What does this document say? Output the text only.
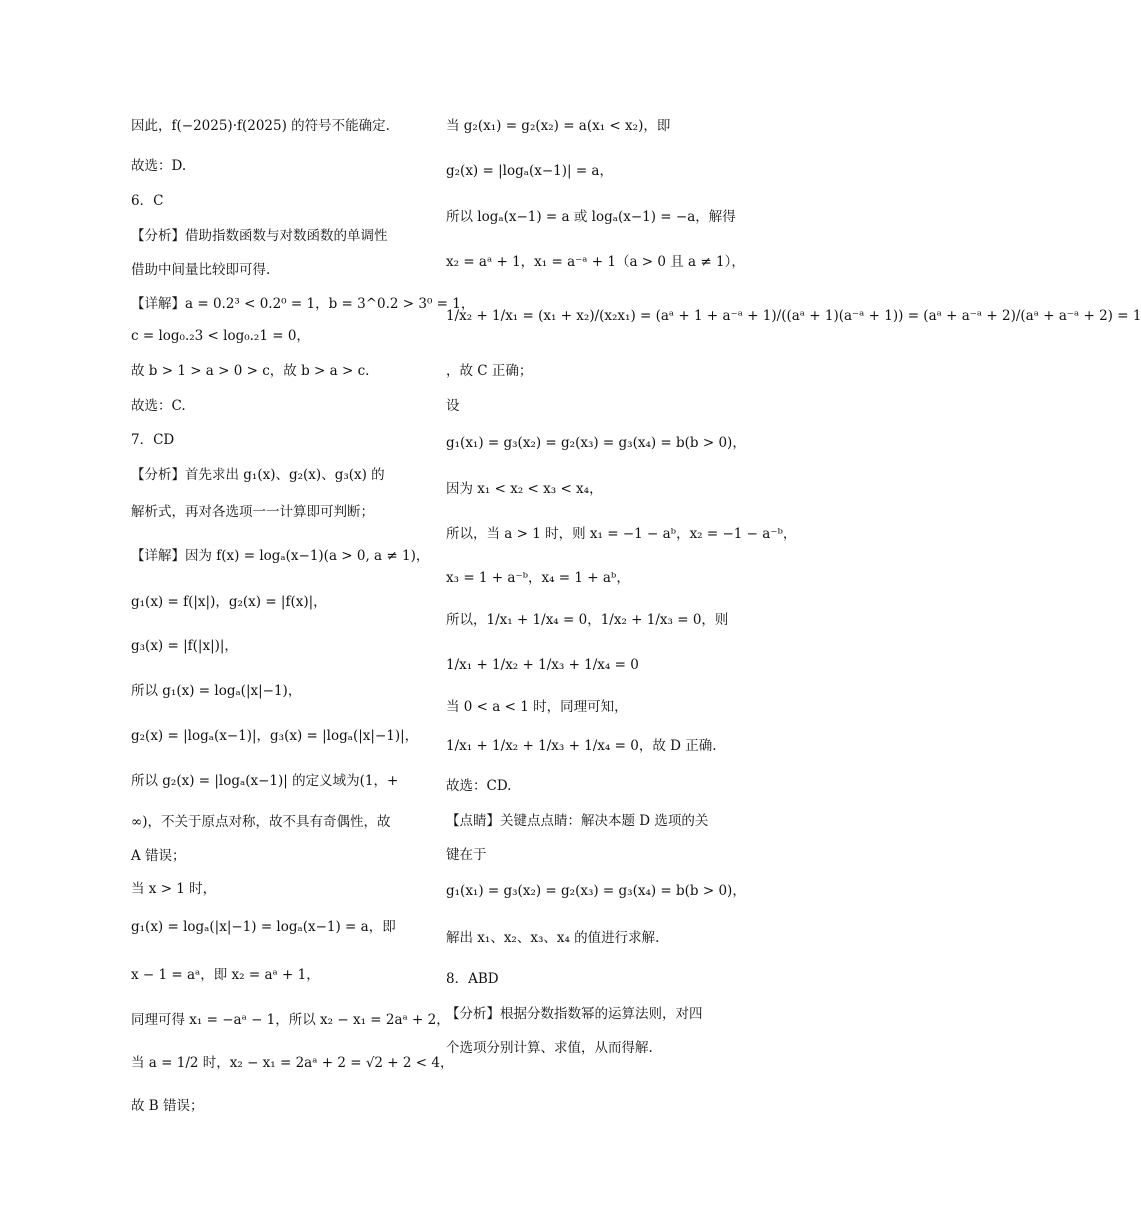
因此，f(−2025)·f(2025) 的符号不能确定.
故选：D.
6．C
【分析】借助指数函数与对数函数的单调性
借助中间量比较即可得.
【详解】a = 0.2³ < 0.2⁰ = 1，b = 3^0.2 > 3⁰ = 1，
c = log₀.₂3 < log₀.₂1 = 0，
故 b > 1 > a > 0 > c，故 b > a > c.
故选：C.
7．CD
【分析】首先求出 g₁(x)、g₂(x)、g₃(x) 的
解析式，再对各选项一一计算即可判断；
【详解】因为 f(x) = logₐ(x−1)(a > 0, a ≠ 1)，
g₁(x) = f(|x|)，g₂(x) = |f(x)|，
g₃(x) = |f(|x|)|，
所以 g₁(x) = logₐ(|x|−1)，
g₂(x) = |logₐ(x−1)|，g₃(x) = |logₐ(|x|−1)|，
所以 g₂(x) = |logₐ(x−1)| 的定义域为(1，+
∞)，不关于原点对称，故不具有奇偶性，故
A 错误；
当 x > 1 时，
g₁(x) = logₐ(|x|−1) = logₐ(x−1) = a，即
x − 1 = aᵃ，即 x₂ = aᵃ + 1，
同理可得 x₁ = −aᵃ − 1，所以 x₂ − x₁ = 2aᵃ + 2，
当 a = 1/2 时，x₂ − x₁ = 2aᵃ + 2 = √2 + 2 < 4，
故 B 错误；
当 g₂(x₁) = g₂(x₂) = a(x₁ < x₂)，即
g₂(x) = |logₐ(x−1)| = a，
所以 logₐ(x−1) = a 或 logₐ(x−1) = −a，解得
x₂ = aᵃ + 1，x₁ = a⁻ᵃ + 1（a > 0 且 a ≠ 1），
1/x₂ + 1/x₁ = (x₁ + x₂)/(x₂x₁) = (aᵃ + 1 + a⁻ᵃ + 1)/((aᵃ + 1)(a⁻ᵃ + 1)) = (aᵃ + a⁻ᵃ + 2)/(aᵃ + a⁻ᵃ + 2) = 1
，故 C 正确；
设
g₁(x₁) = g₃(x₂) = g₂(x₃) = g₃(x₄) = b(b > 0)，
因为 x₁ < x₂ < x₃ < x₄，
所以，当 a > 1 时，则 x₁ = −1 − aᵇ，x₂ = −1 − a⁻ᵇ，
x₃ = 1 + a⁻ᵇ，x₄ = 1 + aᵇ，
所以，1/x₁ + 1/x₄ = 0，1/x₂ + 1/x₃ = 0，则
1/x₁ + 1/x₂ + 1/x₃ + 1/x₄ = 0
当 0 < a < 1 时，同理可知，
1/x₁ + 1/x₂ + 1/x₃ + 1/x₄ = 0，故 D 正确.
故选：CD.
【点睛】关键点点睛：解决本题 D 选项的关
键在于
g₁(x₁) = g₃(x₂) = g₂(x₃) = g₃(x₄) = b(b > 0)，
解出 x₁、x₂、x₃、x₄ 的值进行求解.
8．ABD
【分析】根据分数指数幂的运算法则，对四
个选项分别计算、求值，从而得解.
